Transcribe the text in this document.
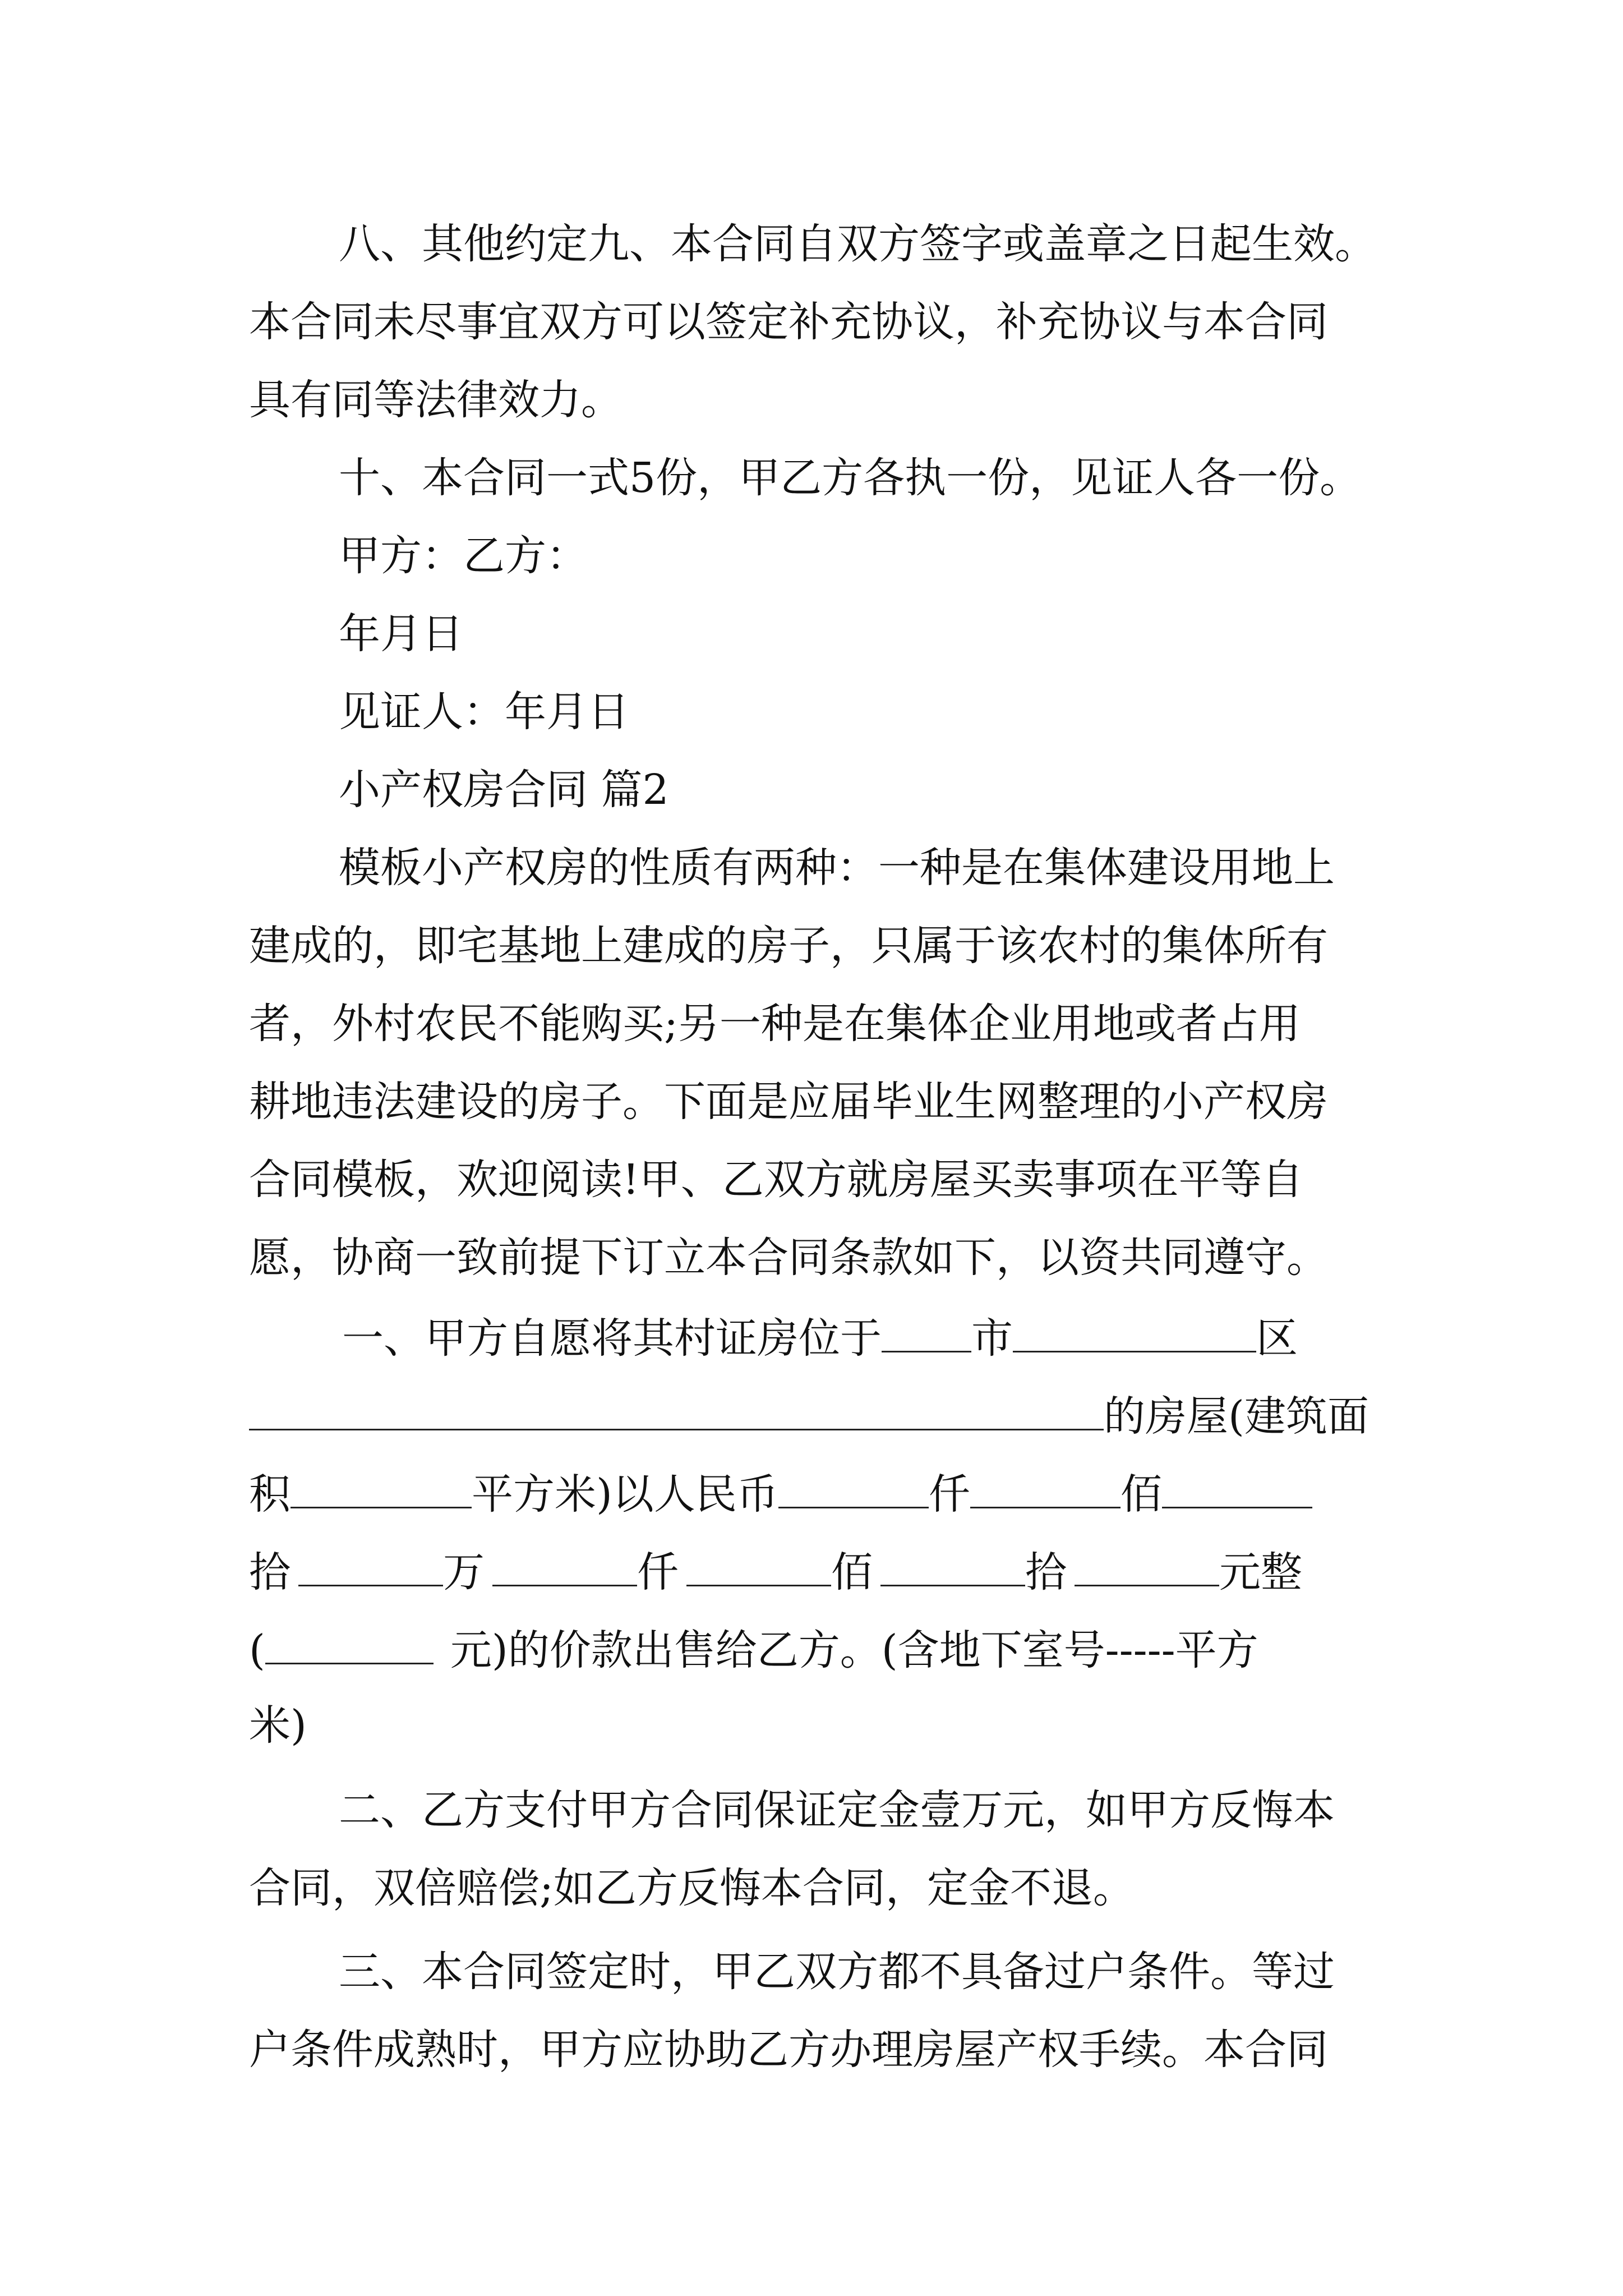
八、其他约定九、本合同自双方签字或盖章之日起生效。
本合同未尽事宜双方可以签定补充协议，补充协议与本合同
具有同等法律效力。
十、本合同一式5份，甲乙方各执一份，见证人各一份。
甲方：乙方：
年月日
见证人：年月日
小产权房合同 篇2
模板小产权房的性质有两种：一种是在集体建设用地上
建成的，即宅基地上建成的房子，只属于该农村的集体所有
者，外村农民不能购买;另一种是在集体企业用地或者占用
耕地违法建设的房子。下面是应届毕业生网整理的小产权房
合同模板，欢迎阅读!甲、乙双方就房屋买卖事项在平等自
愿，协商一致前提下订立本合同条款如下，以资共同遵守。
一、甲方自愿将其村证房位于 市	区
的房屋(建筑面
积	平方米)以人民币	仟	佰
拾	万	仟	佰	拾	元整
(	元)的价款出售给乙方。(含地下室号-----平方
米)
二、乙方支付甲方合同保证定金壹万元，如甲方反悔本
合同，双倍赔偿;如乙方反悔本合同，定金不退。
三、本合同签定时，甲乙双方都不具备过户条件。等过
户条件成熟时，甲方应协助乙方办理房屋产权手续。本合同
